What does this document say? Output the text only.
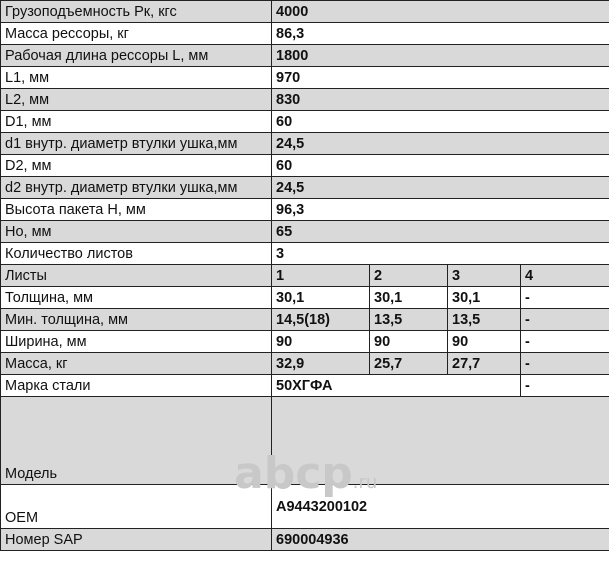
Грузоподъемность Рк, кгс	4000			
Масса рессоры, кг	86,3			
Рабочая длина рессоры L, мм	1800			
L1, мм	970			
L2, мм	830			
D1, мм	60			
d1 внутр. диаметр втулки ушка,мм	24,5			
D2, мм	60			
d2 внутр. диаметр втулки ушка,мм	24,5			
Высота пакета Н, мм	96,3			
Но, мм	65			
Количество листов	3			
Листы	1	2	3	4
Толщина, мм	30,1	30,1	30,1	-
Мин. толщина, мм	14,5(18)	13,5	13,5	-
Ширина, мм	90	90	90	-
Масса, кг	32,9	25,7	27,7	-
Марка стали	50ХГФА			-
Модель				
OEM	A9443200102			
Номер SAP	690004936			
abcp.ru
